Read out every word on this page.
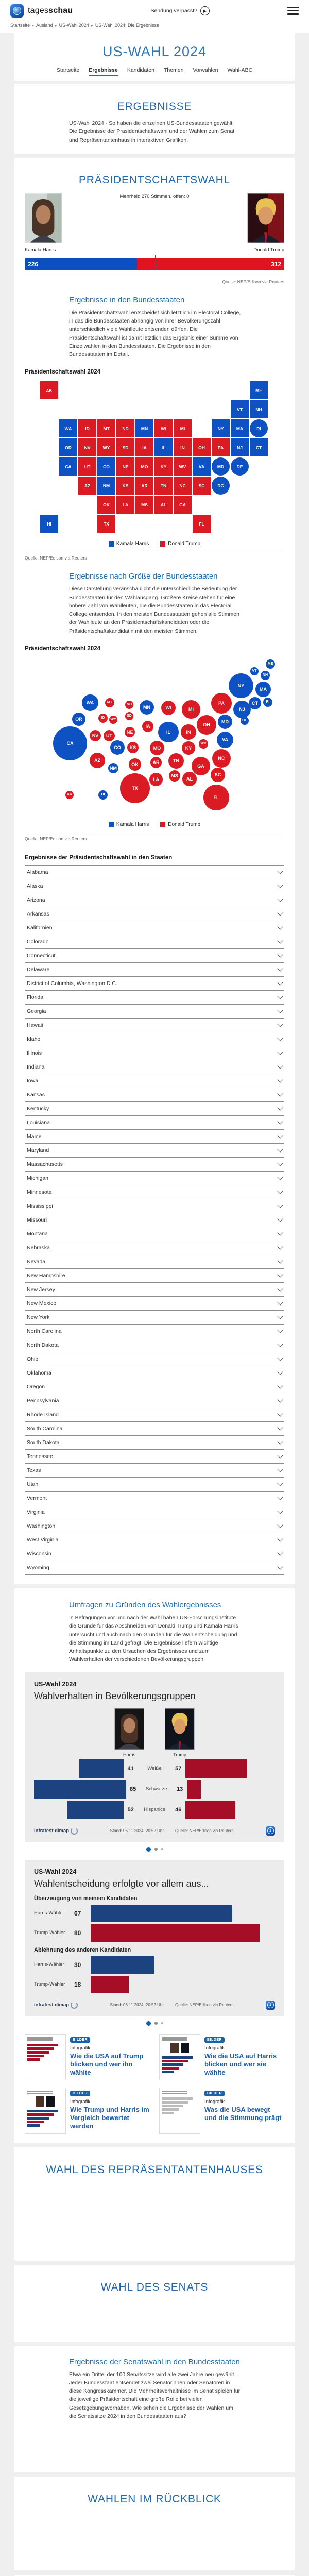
tagesschau	Sendung verpasst?	▶
Startseite ▸ Ausland ▸ US-Wahl 2024 ▸ US-Wahl 2024: Die Ergebnisse
US-WAHL 2024
Startseite Ergebnisse Kandidaten Themen Vorwahlen Wahl-ABC
ERGEBNISSE
US-Wahl 2024 - So haben die einzelnen US-Bundesstaaten gewählt: Die Ergebnisse der Präsidentschaftswahl und der Wahlen zum Senat und Repräsentantenhaus in interaktiven Grafiken.
PRÄSIDENTSCHAFTSWAHL
Mehrheit: 270 Stimmen, offen: 0
Kamala Harris	Donald Trump
226	312
Quelle: NEP/Edison via Reuters
Ergebnisse in den Bundesstaaten
Die Präsidentschaftswahl entscheidet sich letztlich im Electoral College, in das die Bundesstaaten abhängig von ihrer Bevölkerungszahl unterschiedlich viele Wahlleute entsenden dürfen. Die Präsidentschaftswahl ist damit letztlich das Ergebnis einer Summe von Einzelwahlen in den Bundesstaaten. Die Ergebnisse in den Bundesstaaten im Detail.
Präsidentschaftswahl 2024
AK	ME
VT	NH
WA	ID	MT	ND	MN	WI	MI	NY	MA	RI
OR	NV	WY	SD	IA	IL	IN	OH	PA	NJ	CT
CA	UT	CO	NE	MO	KY	WV	VA	MD	DE
AZ	NM	KS	AR	TN	NC	SC	DC
OK	LA	MS	AL	GA
HI	TX	FL
Kamala Harris	Donald Trump
Quelle: NEP/Edison via Reuters
Ergebnisse nach Größe der Bundesstaaten
Diese Darstellung veranschaulicht die unterschiedliche Bedeutung der Bundesstaaten für den Wahlausgang. Größere Kreise stehen für eine höhere Zahl von Wahlleuten, die die Bundesstaaten in das Electoral College entsenden. In den meisten Bundesstaaten gehen alle Stimmen der Wahlleute an den Präsidentschaftskandidaten oder die Präsidentschaftskandidatin mit den meisten Stimmen.
Präsidentschaftswahl 2024
ME
VT
NH
NY
MA
CT	RI
WA	MT
ND	MN	WI	MI
PA
NJ
OR	ID	WY
SD
IA	OH
MD	DE
NV	UT
NE	IL	IN
WV
VA
CA
CO	KS	MO	KY
NC
AZ
NM
OK	AR	TN
GA
SC
TX
LA
MS
AL
AK	HI	FL
Kamala Harris	Donald Trump
Quelle: NEP/Edison via Reuters
Ergebnisse der Präsidentschaftswahl in den Staaten
Alabama
Alaska
Arizona
Arkansas
Kalifornien
Colorado
Connecticut
Delaware
District of Columbia, Washington D.C.
Florida
Georgia
Hawaii
Idaho
Illinois
Indiana
Iowa
Kansas
Kentucky
Louisiana
Maine
Maryland
Massachusetts
Michigan
Minnesota
Mississippi
Missouri
Montana
Nebraska
Nevada
New Hampshire
New Jersey
New Mexico
New York
North Carolina
North Dakota
Ohio
Oklahoma
Oregon
Pennsylvania
Rhode Island
South Carolina
South Dakota
Tennessee
Texas
Utah
Vermont
Virginia
Washington
West Virginia
Wisconsin
Wyoming
Umfragen zu Gründen des Wahlergebnisses
In Befragungen vor und nach der Wahl haben US-Forschungsinstitute die Gründe für das Abschneiden von Donald Trump und Kamala Harris untersucht und auch nach den Gründen für die Wahlentscheidung und die Stimmung im Land gefragt. Die Ergebnisse liefern wichtige Anhaltspunkte zu den Ursachen des Ergebnisses und zum Wahlverhalten der verschiedenen Bevölkerungsgruppen.
US-Wahl 2024
Wahlverhalten in Bevölkerungsgruppen
Harris	Trump
41	Weiße	57
85	Schwarze	13
52	Hispanics	46
infratest dimap	Stand: 06.11.2024, 20:52 Uhr	Quelle: NEP/Edison via Reuters	1
US-Wahl 2024
Wahlentscheidung erfolgte vor allem aus...
Überzeugung von meinem Kandidaten
Harris-Wähler	67
Trump-Wähler	80
Ablehnung des anderen Kandidaten
Harris-Wähler	30
Trump-Wähler	18
infratest dimap	Stand: 06.11.2024, 20:52 Uhr	Quelle: NEP/Edison via Reuters	1
BILDER
Infografik
Wie die USA auf Trump blicken und wer ihn wählte
BILDER
Infografik
Wie die USA auf Harris blicken und wer sie wählte
BILDER
Infografik
Wie Trump und Harris im Vergleich bewertet werden
BILDER
Infografik
Was die USA bewegt und die Stimmung prägt
WAHL DES REPRÄSENTANTENHAUSES
WAHL DES SENATS
Ergebnisse der Senatswahl in den Bundesstaaten
Etwa ein Drittel der 100 Senatssitze wird alle zwei Jahre neu gewählt. Jeder Bundesstaat entsendet zwei Senatorinnen oder Senatoren in diese Kongresskammer. Die Mehrheitsverhältnisse im Senat spielen für die jeweilige Präsidentschaft eine große Rolle bei vielen Gesetzgebungsvorhaben. Wie sehen die Ergebnisse der Wahlen um die Senatssitze 2024 in den Bundesstaaten aus?
WAHLEN IM RÜCKBLICK
